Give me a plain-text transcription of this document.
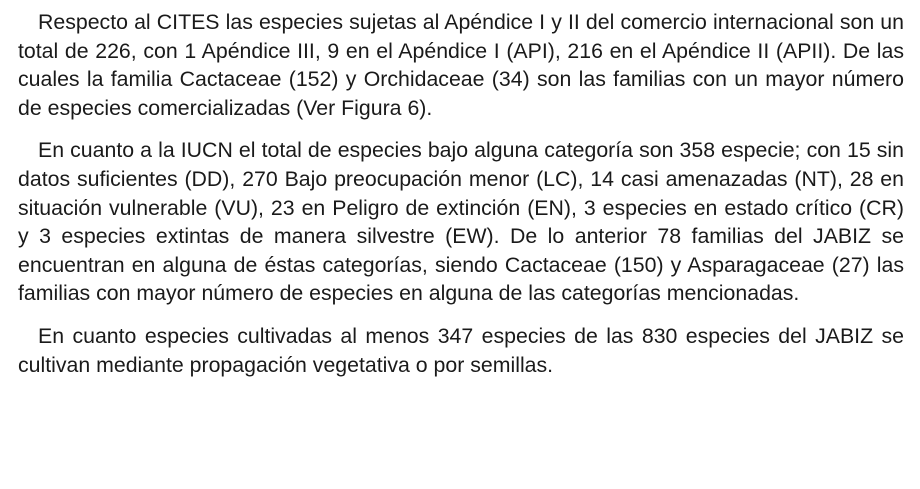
Respecto al CITES las especies sujetas al Apéndice I y II del comercio internacional son un total de 226, con 1 Apéndice III, 9 en el Apéndice I (API), 216 en el Apéndice II (APII). De las cuales la familia Cactaceae (152) y Orchidaceae (34) son las familias con un mayor número de especies comercializadas (Ver Figura 6).

En cuanto a la IUCN el total de especies bajo alguna categoría son 358 especie; con 15 sin datos suficientes (DD), 270 Bajo preocupación menor (LC), 14 casi amenazadas (NT), 28 en situación vulnerable (VU), 23 en Peligro de extinción (EN), 3 especies en estado crítico (CR) y 3 especies extintas de manera silvestre (EW). De lo anterior 78 familias del JABIZ se encuentran en alguna de éstas categorías, siendo Cactaceae (150) y Asparagaceae (27) las familias con mayor número de especies en alguna de las categorías mencionadas.

En cuanto especies cultivadas al menos 347 especies de las 830 especies del JABIZ se cultivan mediante propagación vegetativa o por semillas.
